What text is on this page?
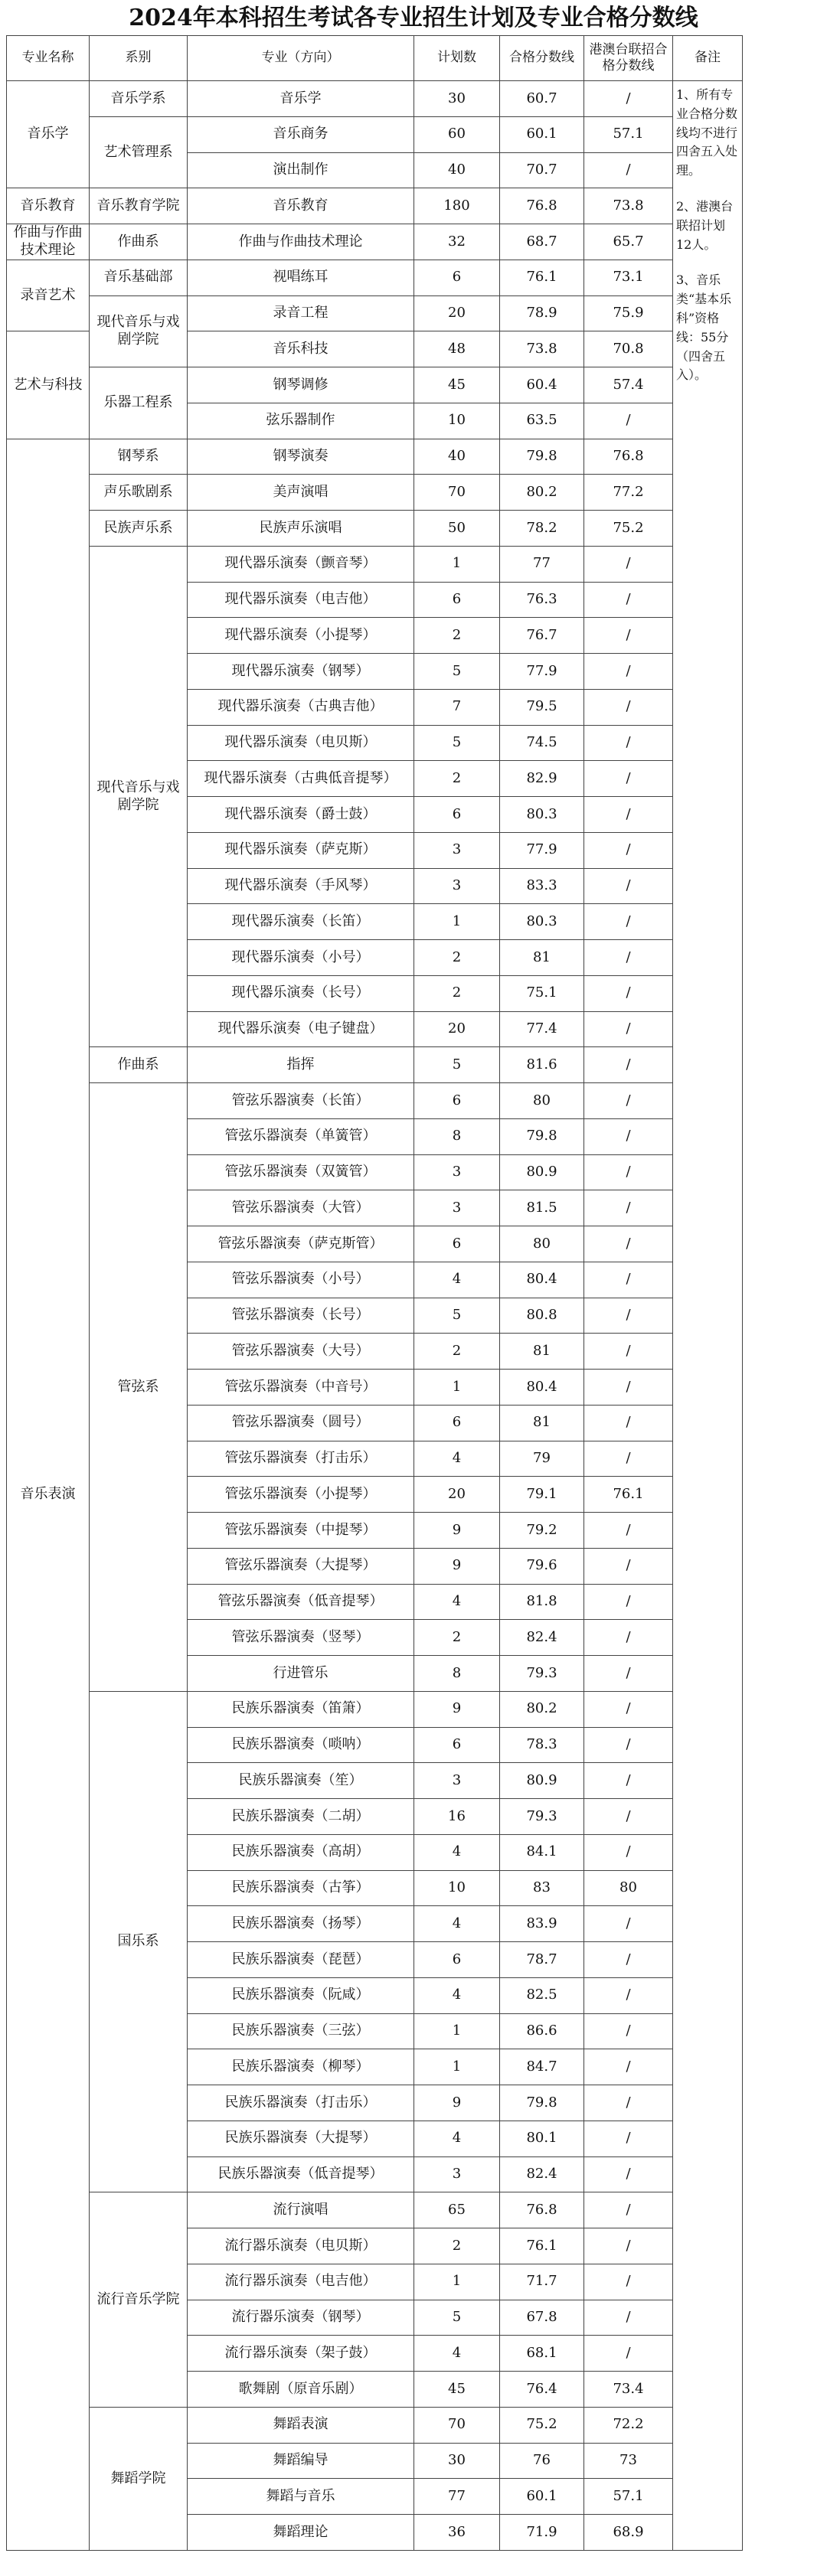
2024年本科招生考试各专业招生计划及专业合格分数线
专业名称	系别	专业（方向）	计划数	合格分数线	港澳台联招合格分数线	备注
音乐学	音乐学系	音乐学	30	60.7	/	1、所有专业合格分数线均不进行四舍五入处理。

2、港澳台联招计划12人。

3、音乐类“基本乐科”资格线：55分（四舍五入）。

	艺术管理系	音乐商务	60	60.1	57.1	
		演出制作	40	70.7	/	
音乐教育	音乐教育学院	音乐教育	180	76.8	73.8	
作曲与作曲技术理论	作曲系	作曲与作曲技术理论	32	68.7	65.7	
录音艺术	音乐基础部	视唱练耳	6	76.1	73.1	
	现代音乐与戏剧学院	录音工程	20	78.9	75.9	
艺术与科技		音乐科技	48	73.8	70.8	
	乐器工程系	钢琴调修	45	60.4	57.4	
		弦乐器制作	10	63.5	/	
音乐表演	钢琴系	钢琴演奏	40	79.8	76.8	
	声乐歌剧系	美声演唱	70	80.2	77.2	
	民族声乐系	民族声乐演唱	50	78.2	75.2	
	现代音乐与戏剧学院	现代器乐演奏（颤音琴）	1	77	/	
		现代器乐演奏（电吉他）	6	76.3	/	
		现代器乐演奏（小提琴）	2	76.7	/	
		现代器乐演奏（钢琴）	5	77.9	/	
		现代器乐演奏（古典吉他）	7	79.5	/	
		现代器乐演奏（电贝斯）	5	74.5	/	
		现代器乐演奏（古典低音提琴）	2	82.9	/	
		现代器乐演奏（爵士鼓）	6	80.3	/	
		现代器乐演奏（萨克斯）	3	77.9	/	
		现代器乐演奏（手风琴）	3	83.3	/	
		现代器乐演奏（长笛）	1	80.3	/	
		现代器乐演奏（小号）	2	81	/	
		现代器乐演奏（长号）	2	75.1	/	
		现代器乐演奏（电子键盘）	20	77.4	/	
	作曲系	指挥	5	81.6	/	
	管弦系	管弦乐器演奏（长笛）	6	80	/	
		管弦乐器演奏（单簧管）	8	79.8	/	
		管弦乐器演奏（双簧管）	3	80.9	/	
		管弦乐器演奏（大管）	3	81.5	/	
		管弦乐器演奏（萨克斯管）	6	80	/	
		管弦乐器演奏（小号）	4	80.4	/	
		管弦乐器演奏（长号）	5	80.8	/	
		管弦乐器演奏（大号）	2	81	/	
		管弦乐器演奏（中音号）	1	80.4	/	
		管弦乐器演奏（圆号）	6	81	/	
		管弦乐器演奏（打击乐）	4	79	/	
		管弦乐器演奏（小提琴）	20	79.1	76.1	
		管弦乐器演奏（中提琴）	9	79.2	/	
		管弦乐器演奏（大提琴）	9	79.6	/	
		管弦乐器演奏（低音提琴）	4	81.8	/	
		管弦乐器演奏（竖琴）	2	82.4	/	
		行进管乐	8	79.3	/	
	国乐系	民族乐器演奏（笛箫）	9	80.2	/	
		民族乐器演奏（唢呐）	6	78.3	/	
		民族乐器演奏（笙）	3	80.9	/	
		民族乐器演奏（二胡）	16	79.3	/	
		民族乐器演奏（高胡）	4	84.1	/	
		民族乐器演奏（古筝）	10	83	80	
		民族乐器演奏（扬琴）	4	83.9	/	
		民族乐器演奏（琵琶）	6	78.7	/	
		民族乐器演奏（阮咸）	4	82.5	/	
		民族乐器演奏（三弦）	1	86.6	/	
		民族乐器演奏（柳琴）	1	84.7	/	
		民族乐器演奏（打击乐）	9	79.8	/	
		民族乐器演奏（大提琴）	4	80.1	/	
		民族乐器演奏（低音提琴）	3	82.4	/	
	流行音乐学院	流行演唱	65	76.8	/	
		流行器乐演奏（电贝斯）	2	76.1	/	
		流行器乐演奏（电吉他）	1	71.7	/	
		流行器乐演奏（钢琴）	5	67.8	/	
		流行器乐演奏（架子鼓）	4	68.1	/	
		歌舞剧（原音乐剧）	45	76.4	73.4	
	舞蹈学院	舞蹈表演	70	75.2	72.2	
		舞蹈编导	30	76	73	
		舞蹈与音乐	77	60.1	57.1	
		舞蹈理论	36	71.9	68.9	
